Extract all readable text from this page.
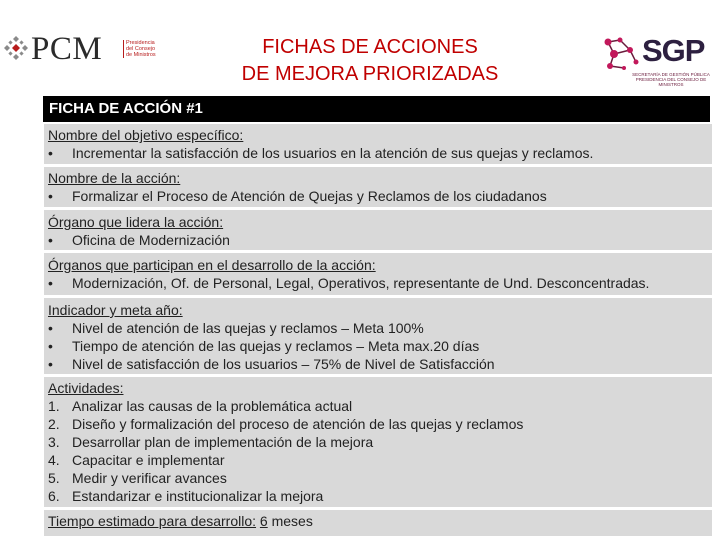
PCM	Presidencia
del Consejo
de Ministros	FICHAS DE ACCIONES
DE MEJORA PRIORIZADAS
SGP
SECRETARÍA DE GESTIÓN PÚBLICA
PRESIDENCIA DEL CONSEJO DE MINISTROS
FICHA DE ACCIÓN #1
Nombre del objetivo específico:
• Incrementar la satisfacción de los usuarios en la atención de sus quejas y reclamos.
Nombre de la acción:
• Formalizar el Proceso de Atención de Quejas y Reclamos de los ciudadanos
Órgano que lidera la acción:
• Oficina de Modernización
Órganos que participan en el desarrollo de la acción:
• Modernización, Of. de Personal, Legal, Operativos, representante de Und. Desconcentradas.
Indicador y meta año:
• Nivel de atención de las quejas y reclamos – Meta 100%
• Tiempo de atención de las quejas y reclamos – Meta max.20 días
• Nivel de satisfacción de los usuarios – 75% de Nivel de Satisfacción
Actividades:
1. Analizar las causas de la problemática actual
2. Diseño y formalización del proceso de atención de las quejas y reclamos
3. Desarrollar plan de implementación de la mejora
4. Capacitar e implementar
5. Medir y verificar avances
6. Estandarizar e institucionalizar la mejora
Tiempo estimado para desarrollo: 6 meses
